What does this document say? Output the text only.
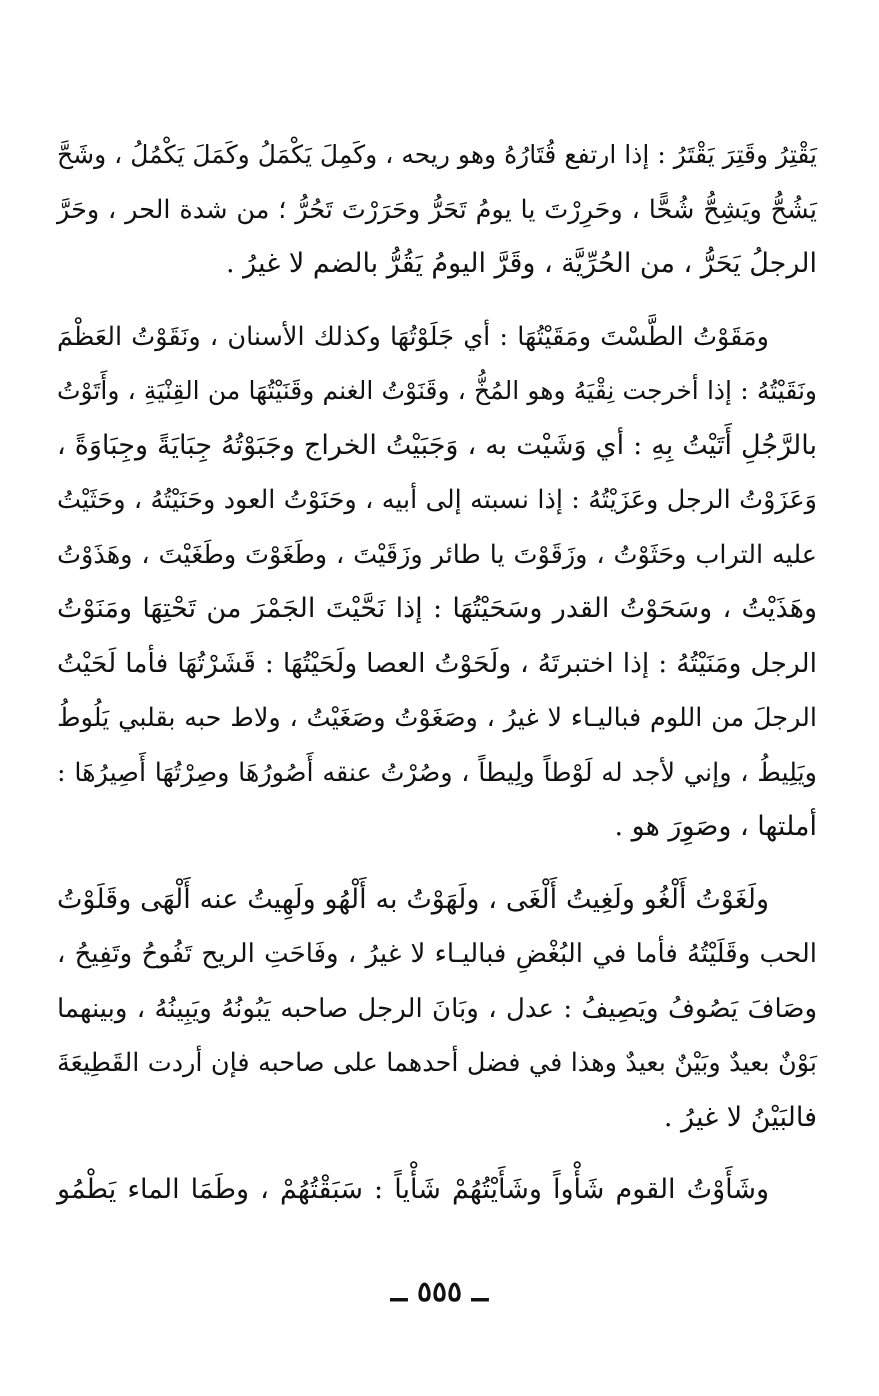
يَقْتِرُ وقَتِرَ يَقْتَرُ : إذا ارتفع قُتَارُهُ وهو ريحه ، وكَمِلَ يَكْمَلُ وكَمَلَ يَكْمُلُ ، وشَحَّ
يَشُحُّ ويَشِحُّ شُحًّا ، وحَرِرْتَ يا يومُ تَحَرُّ وحَرَرْتَ تَحُرُّ ؛ من شدة الحر ، وحَرَّ
الرجلُ يَحَرُّ ، من الحُرِّيَّة ، وقَرَّ اليومُ يَقُرُّ بالضم لا غيرُ .
ومَقَوْتُ الطَّسْتَ ومَقَيْتُهَا : أي جَلَوْتُهَا وكذلك الأسنان ، ونَقَوْتُ العَظْمَ
ونَقَيْتُهُ : إذا أخرجت نِقْيَهُ وهو المُخُّ ، وقَنَوْتُ الغنم وقَنَيْتُهَا من القِنْيَةِ ، وأَتَوْتُ
بالرَّجُلِ أَتَيْتُ بِهِ : أي وَشَيْت به ، وَجَبَيْتُ الخراج وجَبَوْتُهُ جِبَايَةً وجِبَاوَةً ،
وَعَزَوْتُ الرجل وعَزَيْتُهُ : إذا نسبته إلى أبيه ، وحَنَوْتُ العود وحَنَيْتُهُ ، وحَثَيْتُ
عليه التراب وحَثَوْتُ ، وزَقَوْتَ يا طائر وزَقَيْتَ ، وطَغَوْتَ وطَغَيْتَ ، وهَذَوْتُ
وهَذَيْتُ ، وسَحَوْتُ القدر وسَحَيْتُهَا : إذا نَحَّيْتَ الجَمْرَ من تَحْتِهَا ومَنَوْتُ
الرجل ومَنَيْتُهُ : إذا اختبرتَهُ ، ولَحَوْتُ العصا ولَحَيْتُهَا : قَشَرْتُهَا فأما لَحَيْتُ
الرجلَ من اللوم فباليـاء لا غيرُ ، وصَغَوْتُ وصَغَيْتُ ، ولاط حبه بقلبي يَلُوطُ
ويَلِيطُ ، وإني لأجد له لَوْطاً ولِيطاً ، وصُرْتُ عنقه أَصُورُهَا وصِرْتُهَا أَصِيرُهَا :
أملتها ، وصَوِرَ هو .
ولَغَوْتُ أَلْغُو ولَغِيتُ أَلْغَى ، ولَهَوْتُ به أَلْهُو ولَهِيتُ عنه أَلْهَى وقَلَوْتُ
الحب وقَلَيْتُهُ فأما في البُغْضِ فباليـاء لا غيرُ ، وفَاحَتِ الريح تَفُوحُ وتَفِيحُ ،
وصَافَ يَصُوفُ ويَصِيفُ : عدل ، وبَانَ الرجل صاحبه يَبُونُهُ ويَبِينُهُ ، وبينهما
بَوْنٌ بعيدٌ وبَيْنٌ بعيدٌ وهذا في فضل أحدهما على صاحبه فإن أردت القَطِيعَةَ
فالبَيْنُ لا غيرُ .
وشَأَوْتُ القوم شَأْواً وشَأَيْتُهُمْ شَأْياً : سَبَقْتُهُمْ ، وطَمَا الماء يَطْمُو
ــ ٥٥٥ ــ
